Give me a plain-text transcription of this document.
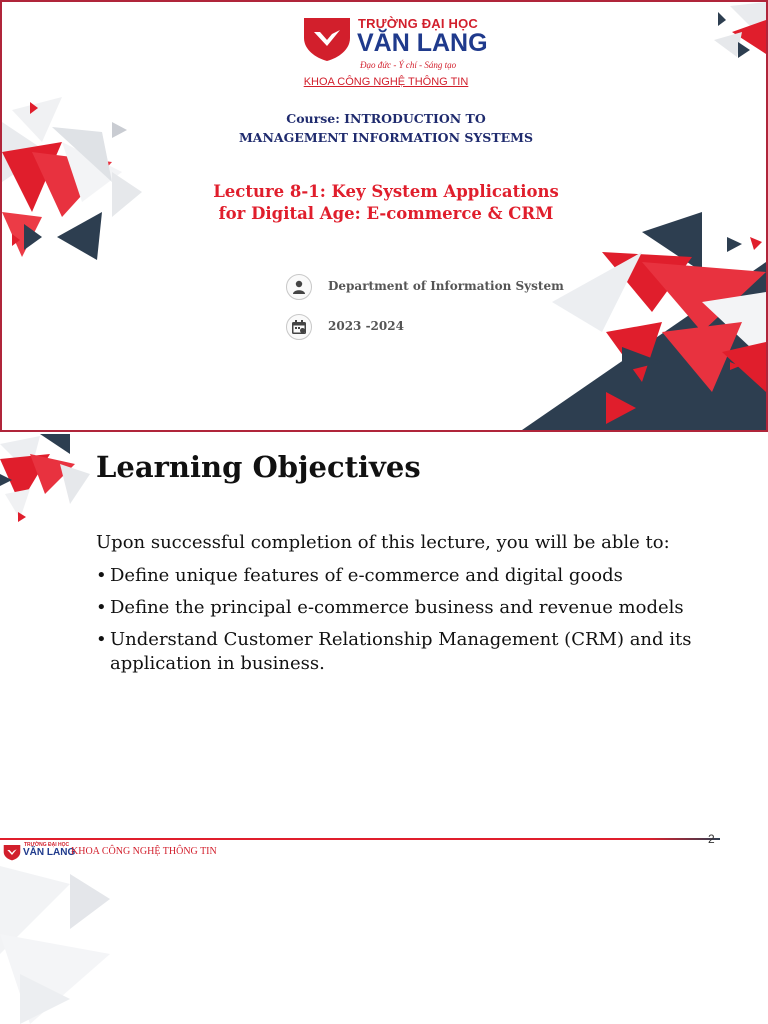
TRƯỜNG ĐẠI HỌC
VĂN LANG
Đạo đức - Ý chí - Sáng tạo
KHOA CÔNG NGHỆ THÔNG TIN
Course: INTRODUCTION TO
MANAGEMENT INFORMATION SYSTEMS
Lecture 8-1: Key System Applications
for Digital Age: E-commerce & CRM
Department of Information System
2023 -2024
Learning Objectives
Upon successful completion of this lecture, you will be able to:
• Define unique features of e-commerce and digital goods
• Define the principal e-commerce business and revenue models
• Understand Customer Relationship Management (CRM) and its application in business.
2
TRƯỜNG ĐẠI HỌC
VĂN LANG
KHOA CÔNG NGHỆ THÔNG TIN
